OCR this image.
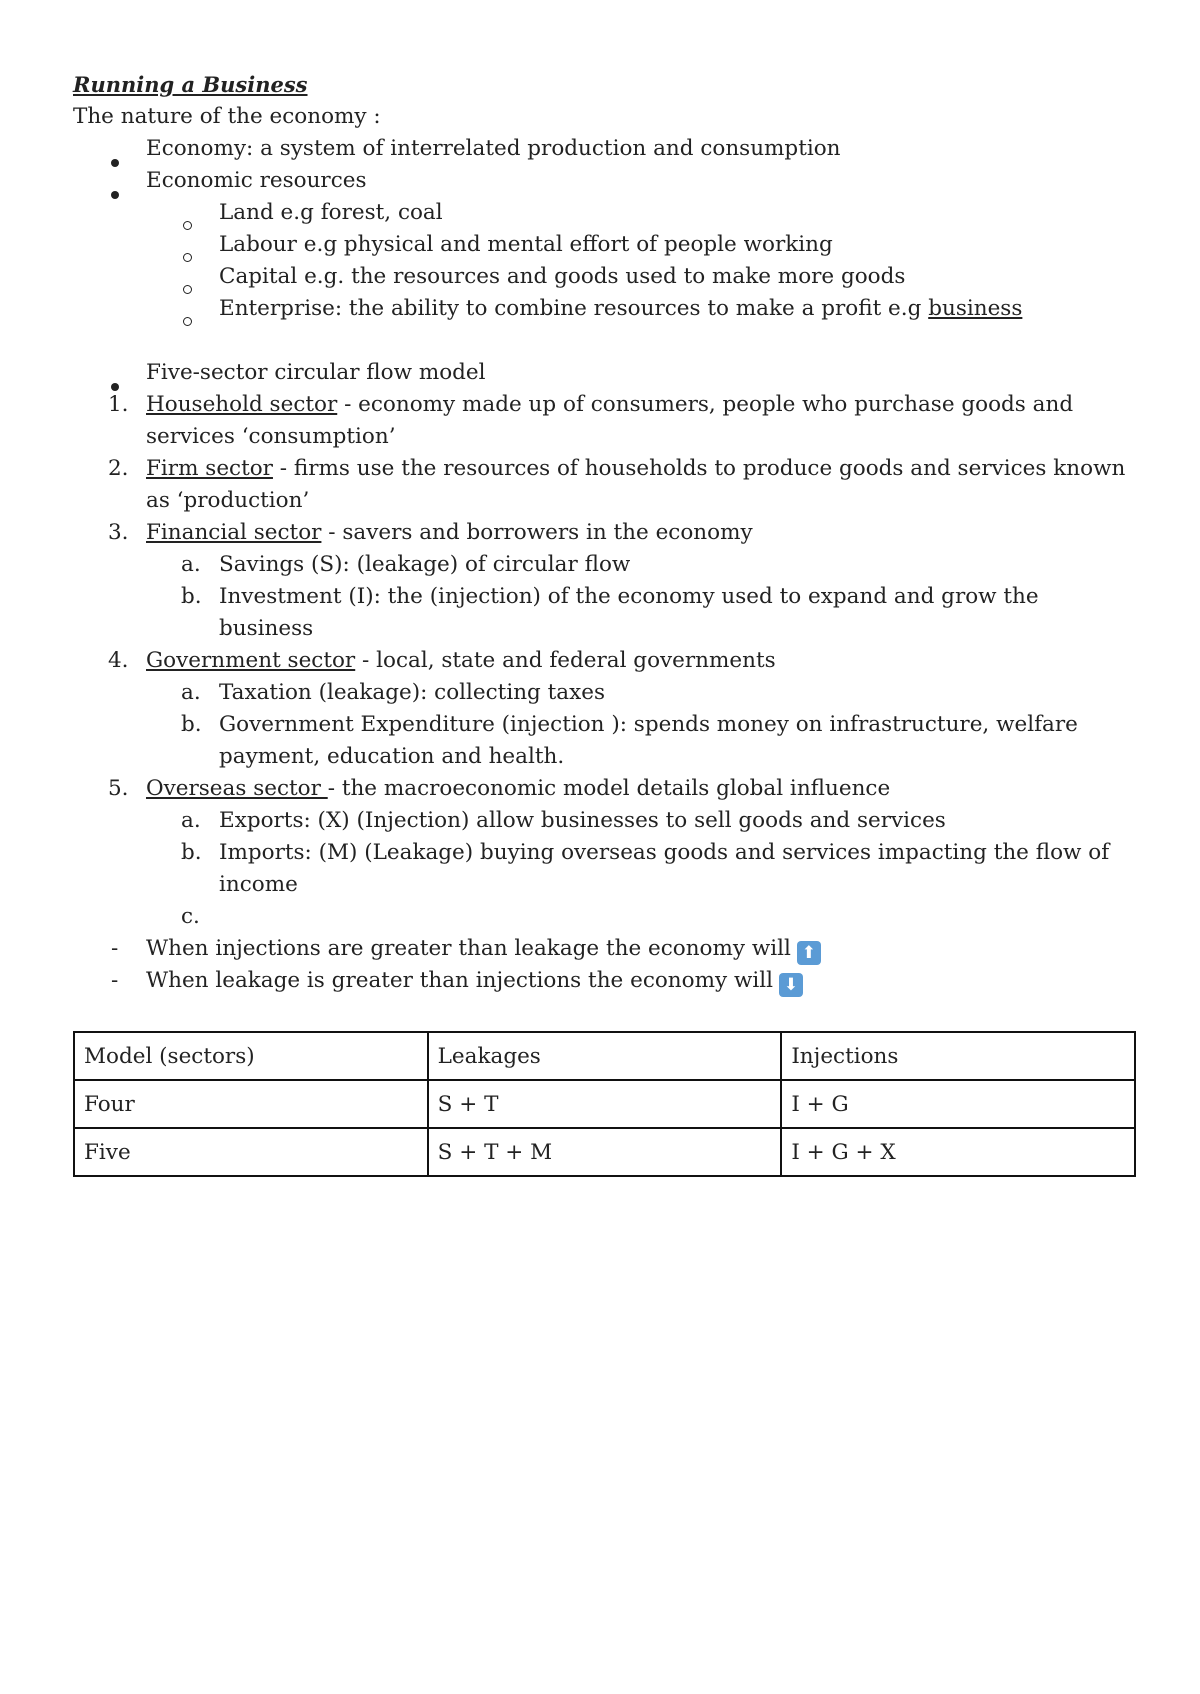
Running a Business
The nature of the economy :
Economy: a system of interrelated production and consumption
Economic resources
Land e.g forest, coal
Labour e.g physical and mental effort of people working
Capital e.g. the resources and goods used to make more goods
Enterprise: the ability to combine resources to make a profit e.g business
Five-sector circular flow model
1. Household sector - economy made up of consumers, people who purchase goods and
services ‘consumption’
2. Firm sector - firms use the resources of households to produce goods and services known
as ‘production’
3. Financial sector - savers and borrowers in the economy
a. Savings (S): (leakage) of circular flow
b. Investment (I): the (injection) of the economy used to expand and grow the
business
4. Government sector - local, state and federal governments
a. Taxation (leakage): collecting taxes
b. Government Expenditure (injection ): spends money on infrastructure, welfare
payment, education and health.
5. Overseas sector - the macroeconomic model details global influence
a. Exports: (X) (Injection) allow businesses to sell goods and services
b. Imports: (M) (Leakage) buying overseas goods and services impacting the flow of
income
c.
- When injections are greater than leakage the economy will ⬆
- When leakage is greater than injections the economy will ⬇
Model (sectors)	Leakages	Injections
Four	S + T	I + G
Five	S + T + M	I + G + X
